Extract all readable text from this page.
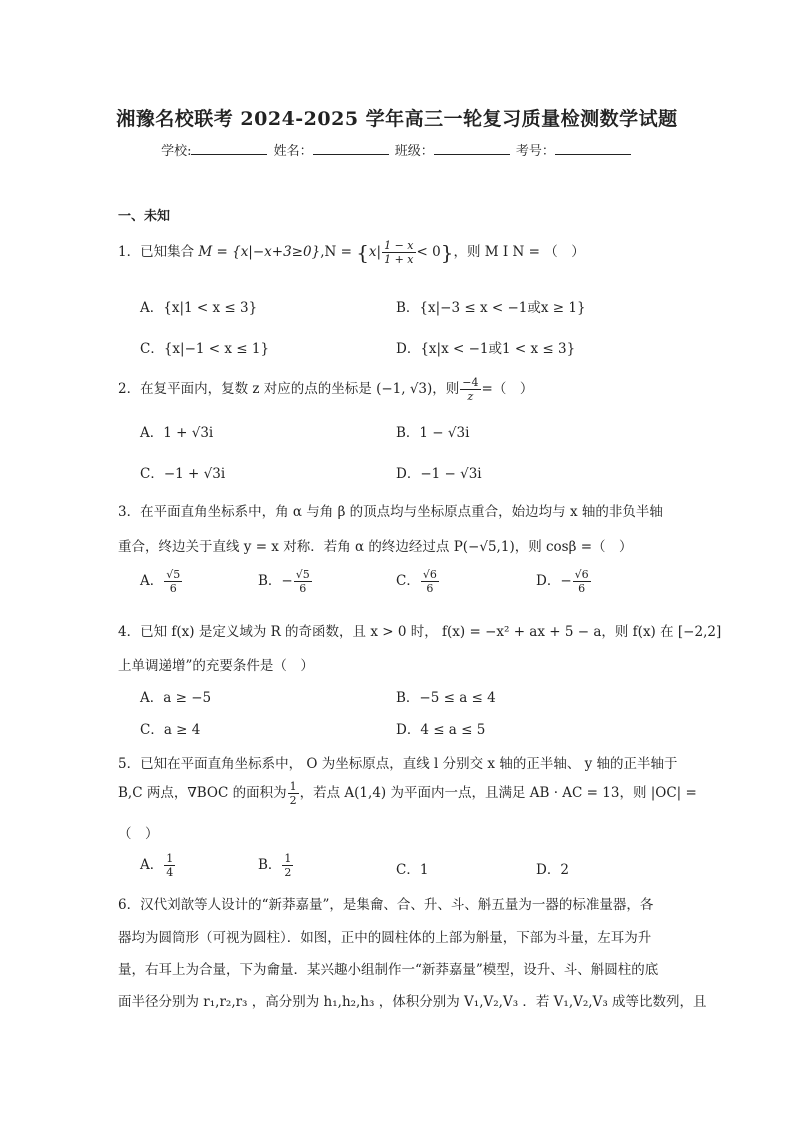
湘豫名校联考 2024-2025 学年高三一轮复习质量检测数学试题
学校:	姓名：	班级：	考号：
一、未知
1．已知集合 $M = \{x|-x+3\ge 0\},N = \{x| \frac{1 - x}{1 + x} < 0\}$，则 M I N = （　）
A．{x|1 < x ≤ 3}	B．{x|−3 ≤ x < −1或x ≥ 1}
C．{x|−1 < x ≤ 1}	D．{x|x < −1或1 < x ≤ 3}
2．在复平面内，复数 z 对应的点的坐标是 (−1, √3)，则 $\frac{-4}{z}$ =（　）
A．1 + √3i	B．1 − √3i
C．−1 + √3i	D．−1 − √3i
3．在平面直角坐标系中，角 α 与角 β 的顶点均与坐标原点重合，始边均与 x 轴的非负半轴
重合，终边关于直线 y = x 对称．若角 α 的终边经过点 P(−√5,1)，则 cosβ =（　）
A． $\frac{√5}{6}$	B．− $\frac{√5}{6}$	C． $\frac{√6}{6}$	D．− $\frac{√6}{6}$
4．已知 f(x) 是定义域为 R 的奇函数，且 x > 0 时， f(x) = −x² + ax + 5 − a，则 f(x) 在 [−2,2]
上单调递增”的充要条件是（　）
A．a ≥ −5	B．−5 ≤ a ≤ 4
C．a ≥ 4	D．4 ≤ a ≤ 5
5．已知在平面直角坐标系中， O 为坐标原点，直线 l 分别交 x 轴的正半轴、 y 轴的正半轴于
B,C 两点，∇BOC 的面积为 $\frac{1}{2}$ ，若点 A(1,4) 为平面内一点，且满足 AB · AC = 13，则 |OC| =
（　）
A． $\frac{1}{4}$	B． $\frac{1}{2}$	C．1	D．2
6．汉代刘歆等人设计的“新莽嘉量”，是集龠、合、升、斗、斛五量为一器的标准量器，各
器均为圆筒形（可视为圆柱）．如图，正中的圆柱体的上部为斛量，下部为斗量，左耳为升
量，右耳上为合量，下为龠量．某兴趣小组制作一“新莽嘉量”模型，设升、斗、斛圆柱的底
面半径分别为 r₁,r₂,r₃ ，高分别为 h₁,h₂,h₃ ，体积分别为 V₁,V₂,V₃ ．若 V₁,V₂,V₃ 成等比数列，且
